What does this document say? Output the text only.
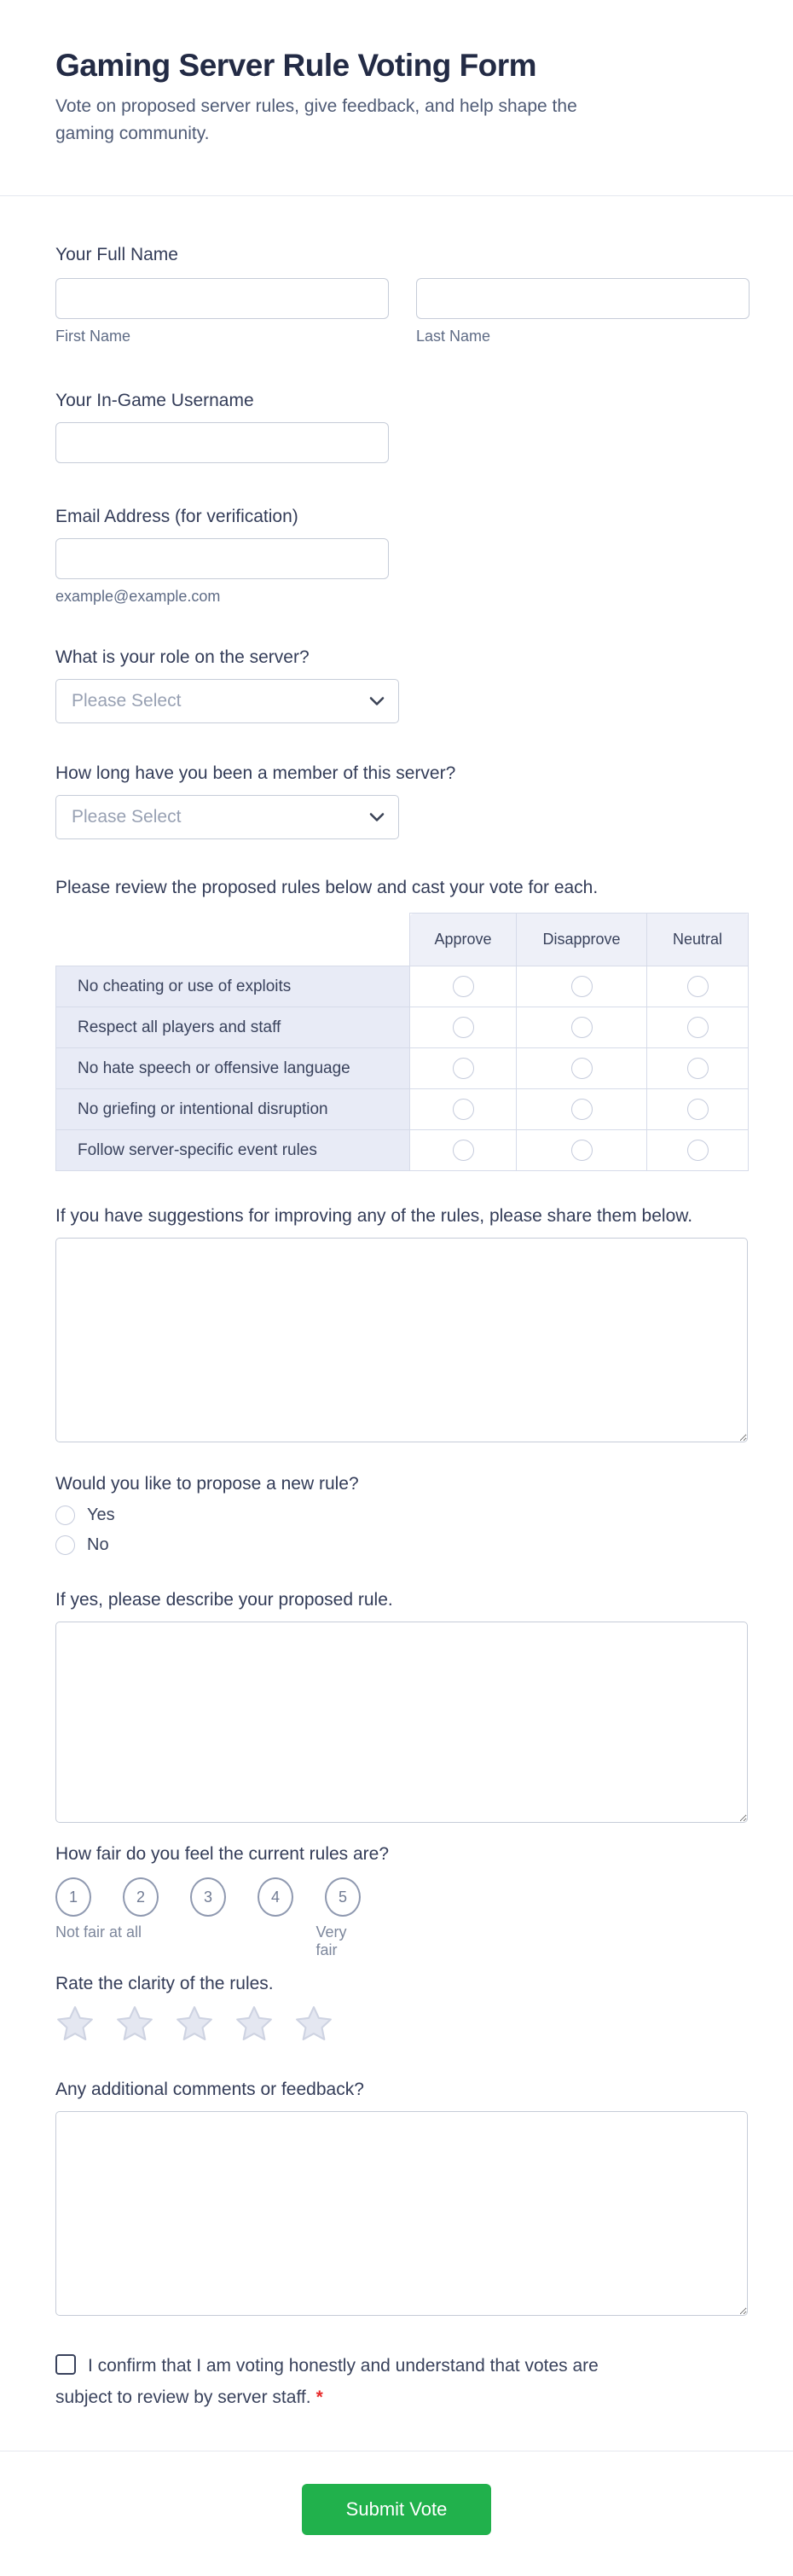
Gaming Server Rule Voting Form

Vote on proposed server rules, give feedback, and help shape the gaming community.

Your Full Name
First Name	Last Name
Your In-Game Username
Email Address (for verification)
example@example.com
What is your role on the server?
Please Select
How long have you been a member of this server?
Please Select
Please review the proposed rules below and cast your vote for each.
	Approve	Disapprove	Neutral
No cheating or use of exploits			
Respect all players and staff			
No hate speech or offensive language			
No griefing or intentional disruption			
Follow server-specific event rules			
If you have suggestions for improving any of the rules, please share them below.
Would you like to propose a new rule?
Yes
No
If yes, please describe your proposed rule.
How fair do you feel the current rules are?
1	2	3	4	5
Not fair at all	Very fair
Rate the clarity of the rules.
Any additional comments or feedback?
I confirm that I am voting honestly and understand that votes are subject to review by server staff. *
Submit Vote
